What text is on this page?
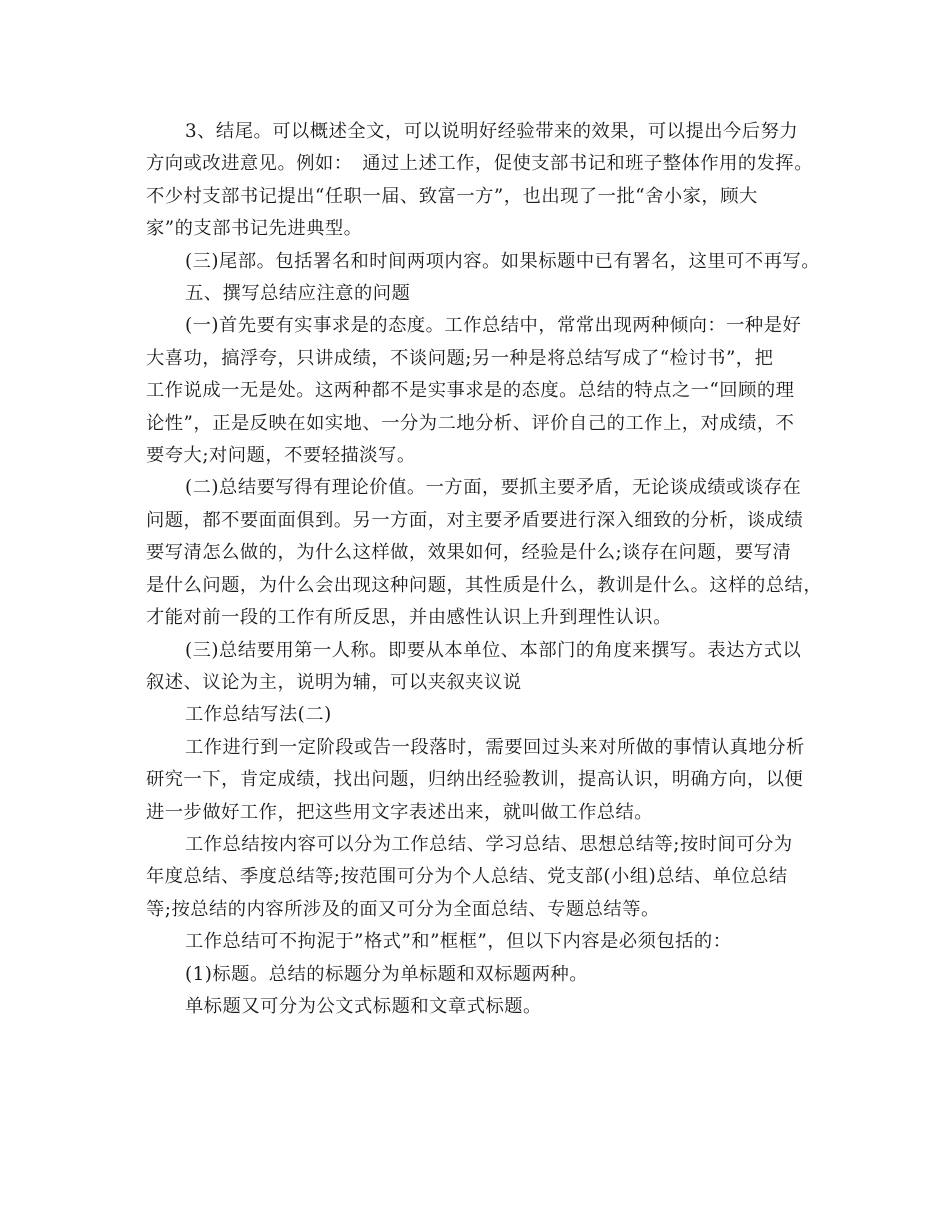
3、结尾。可以概述全文，可以说明好经验带来的效果，可以提出今后努力

方向或改进意见。例如：　通过上述工作，促使支部书记和班子整体作用的发挥。

不少村支部书记提出“任职一届、致富一方”，也出现了一批“舍小家，顾大

家”的支部书记先进典型。

(三)尾部。包括署名和时间两项内容。如果标题中已有署名，这里可不再写。

五、撰写总结应注意的问题

(一)首先要有实事求是的态度。工作总结中，常常出现两种倾向：一种是好

大喜功，搞浮夸，只讲成绩，不谈问题;另一种是将总结写成了“检讨书”，把

工作说成一无是处。这两种都不是实事求是的态度。总结的特点之一“回顾的理

论性”，正是反映在如实地、一分为二地分析、评价自己的工作上，对成绩，不

要夸大;对问题，不要轻描淡写。

(二)总结要写得有理论价值。一方面，要抓主要矛盾，无论谈成绩或谈存在

问题，都不要面面俱到。另一方面，对主要矛盾要进行深入细致的分析，谈成绩

要写清怎么做的，为什么这样做，效果如何，经验是什么;谈存在问题，要写清

是什么问题，为什么会出现这种问题，其性质是什么，教训是什么。这样的总结，

才能对前一段的工作有所反思，并由感性认识上升到理性认识。

(三)总结要用第一人称。即要从本单位、本部门的角度来撰写。表达方式以

叙述、议论为主，说明为辅，可以夹叙夹议说

工作总结写法(二)

工作进行到一定阶段或告一段落时，需要回过头来对所做的事情认真地分析

研究一下，肯定成绩，找出问题，归纳出经验教训，提高认识，明确方向，以便

进一步做好工作，把这些用文字表述出来，就叫做工作总结。

工作总结按内容可以分为工作总结、学习总结、思想总结等;按时间可分为

年度总结、季度总结等;按范围可分为个人总结、党支部(小组)总结、单位总结

等;按总结的内容所涉及的面又可分为全面总结、专题总结等。

工作总结可不拘泥于”格式”和”框框”，但以下内容是必须包括的：

(1)标题。总结的标题分为单标题和双标题两种。

单标题又可分为公文式标题和文章式标题。
